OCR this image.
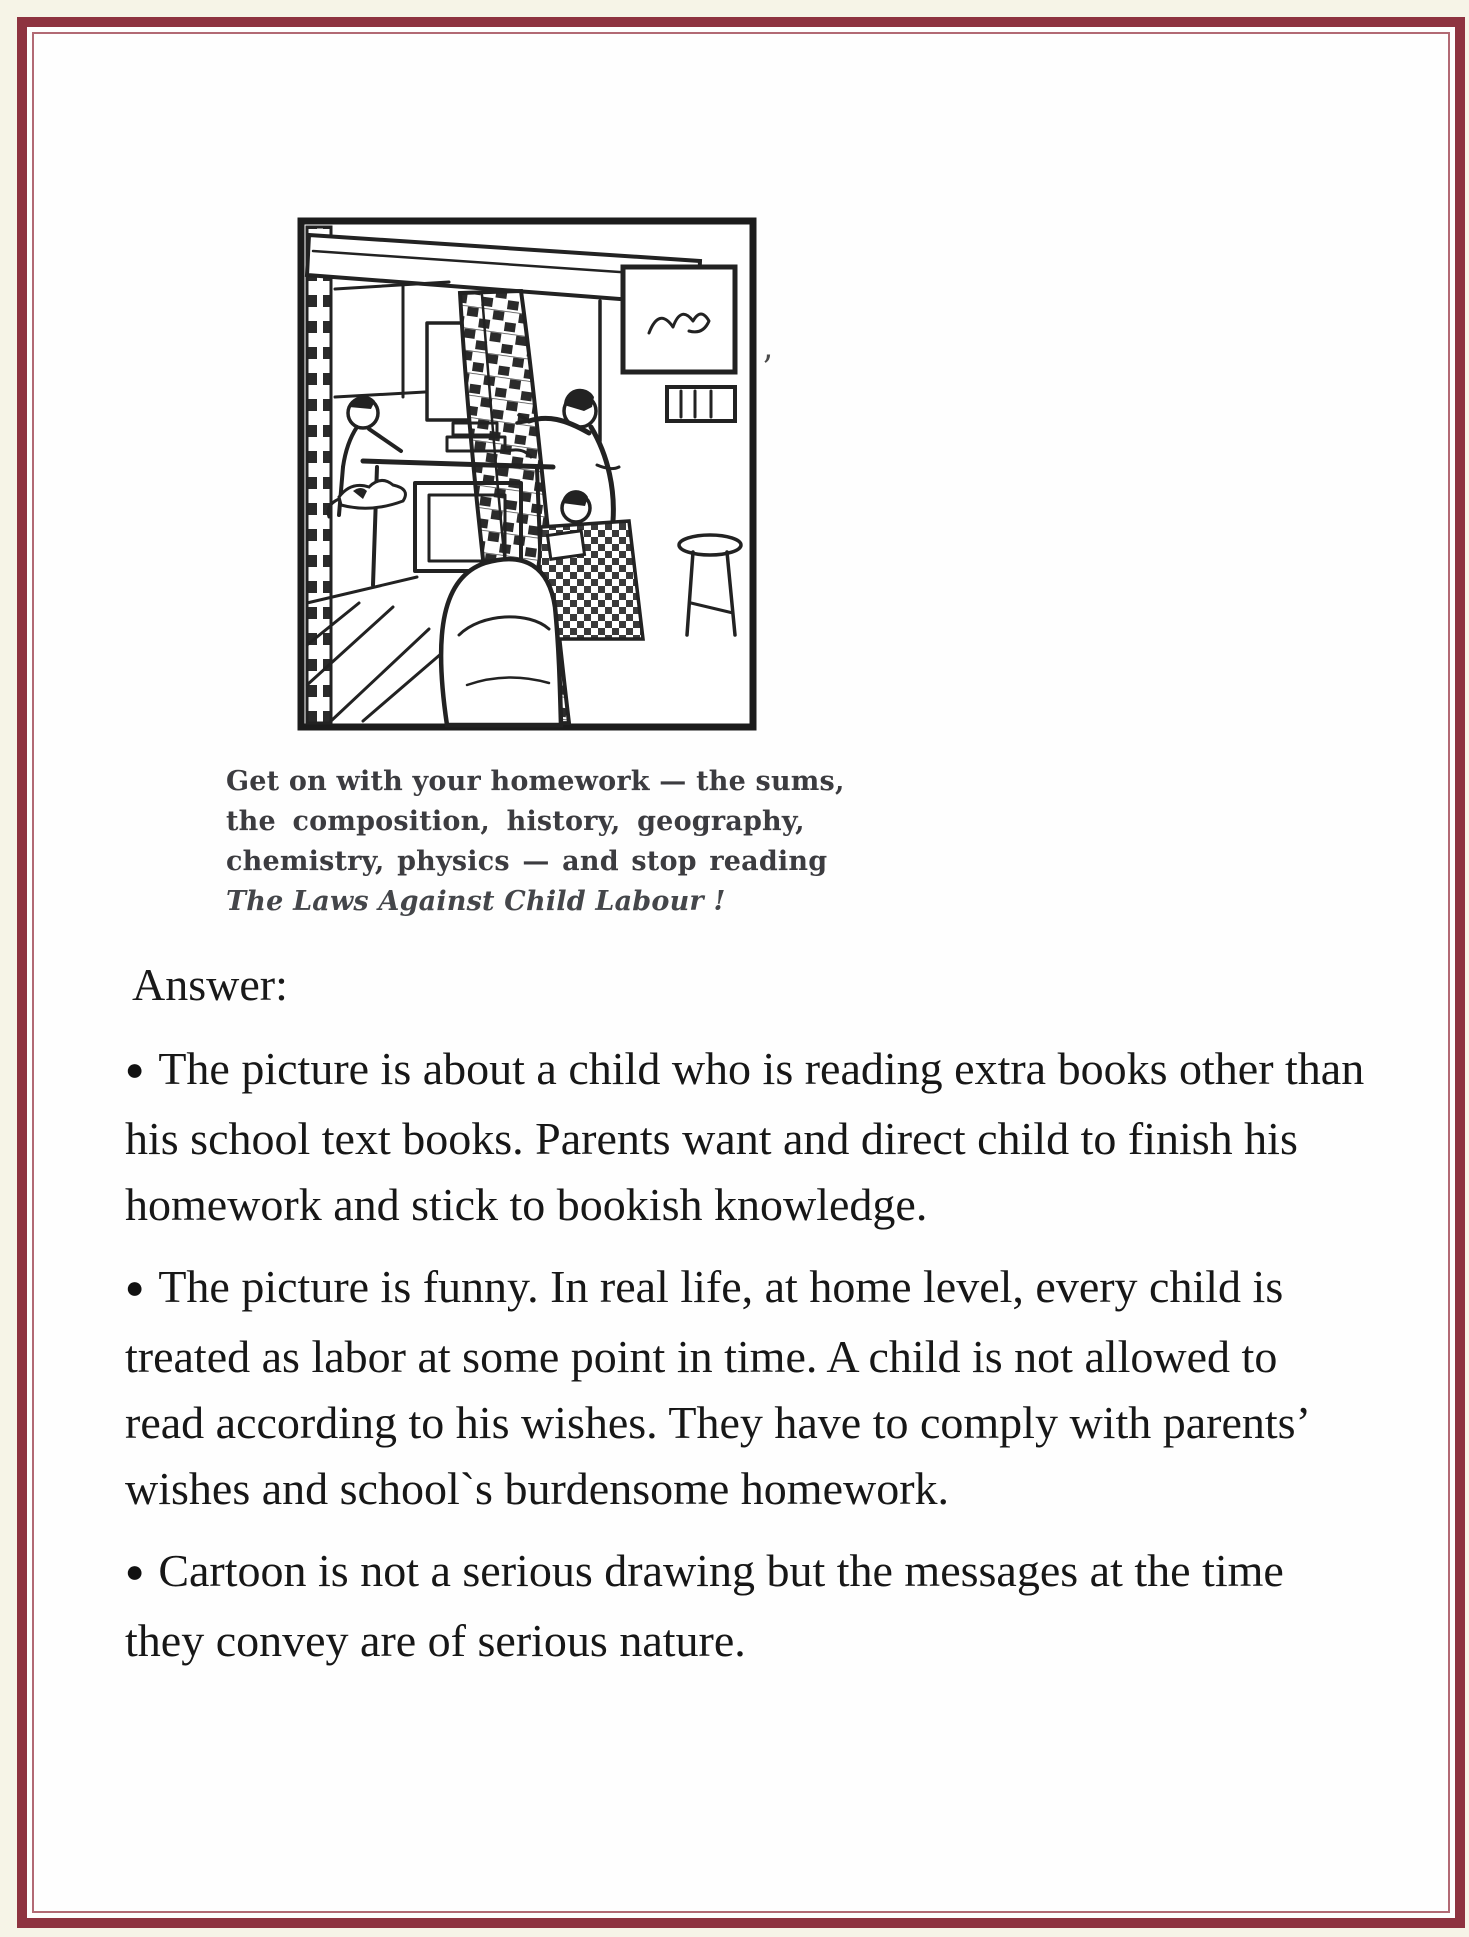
’
Get on with your homework — the sums,
the composition, history, geography,
chemistry, physics — and stop reading
The Laws Against Child Labour !
Answer:

● The picture is about a child who is reading extra books other than his school text books. Parents want and direct child to finish his homework and stick to bookish knowledge.

● The picture is funny. In real life, at home level, every child is treated as labor at some point in time. A child is not allowed to read according to his wishes. They have to comply with parents’ wishes and school`s burdensome homework.

● Cartoon is not a serious drawing but the messages at the time they convey are of serious nature.
